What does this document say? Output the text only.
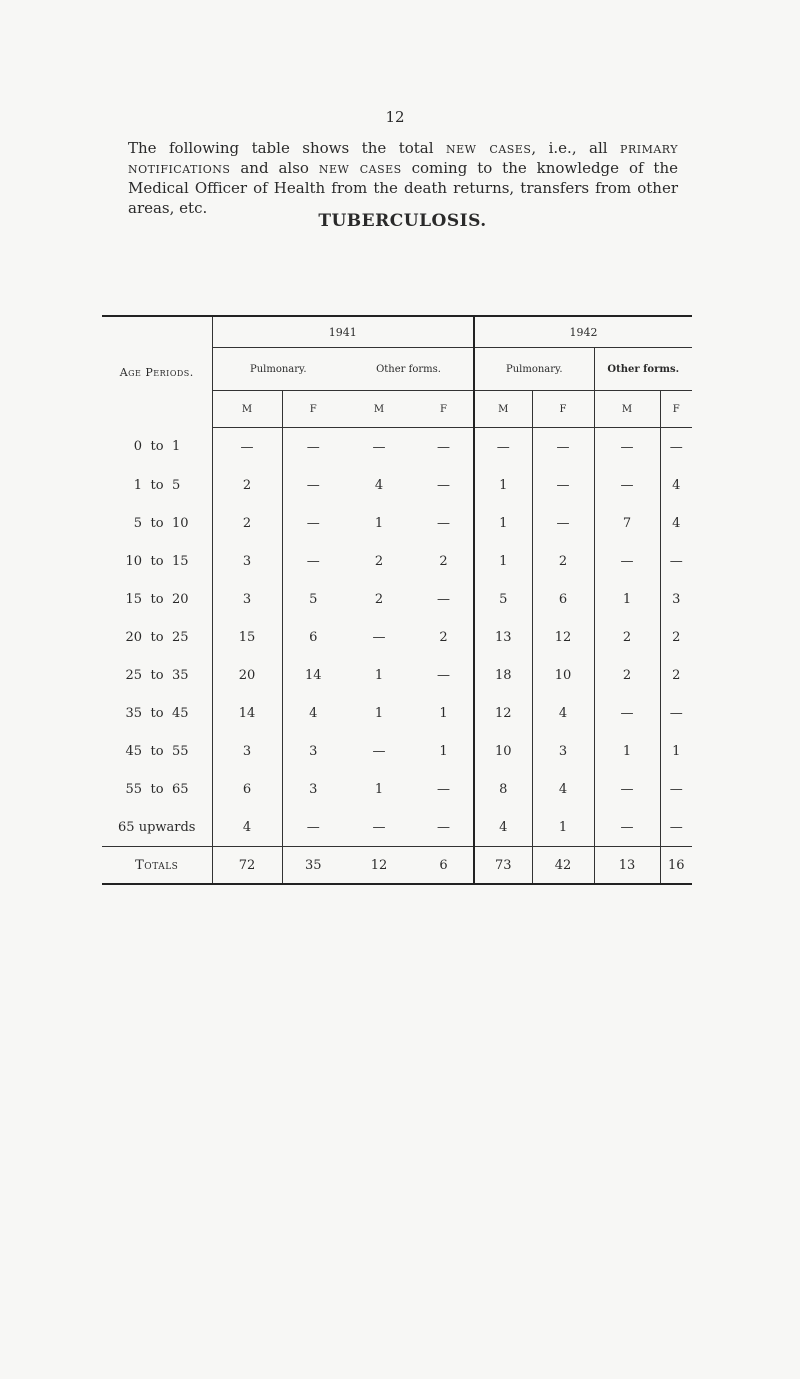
12
The following table shows the total new cases, i.e., all primary notifications and also new cases coming to the knowledge of the Medical Officer of Health from the death returns, transfers from other areas, etc.
TUBERCULOSIS.
Age Periods.	1941				1942			
	Pulmonary.		Other forms.		Pulmonary.		Other forms.	
	M	F	M	F	M	F	M	F
0 to 1	—	—	—	—	—	—	—	—
1 to 5	2	—	4	—	1	—	—	4
5 to 10	2	—	1	—	1	—	7	4
10 to 15	3	—	2	2	1	2	—	—
15 to 20	3	5	2	—	5	6	1	3
20 to 25	15	6	—	2	13	12	2	2
25 to 35	20	14	1	—	18	10	2	2
35 to 45	14	4	1	1	12	4	—	—
45 to 55	3	3	—	1	10	3	1	1
55 to 65	6	3	1	—	8	4	—	—
65 upwards	4	—	—	—	4	1	—	—
Totals	72	35	12	6	73	42	13	16
